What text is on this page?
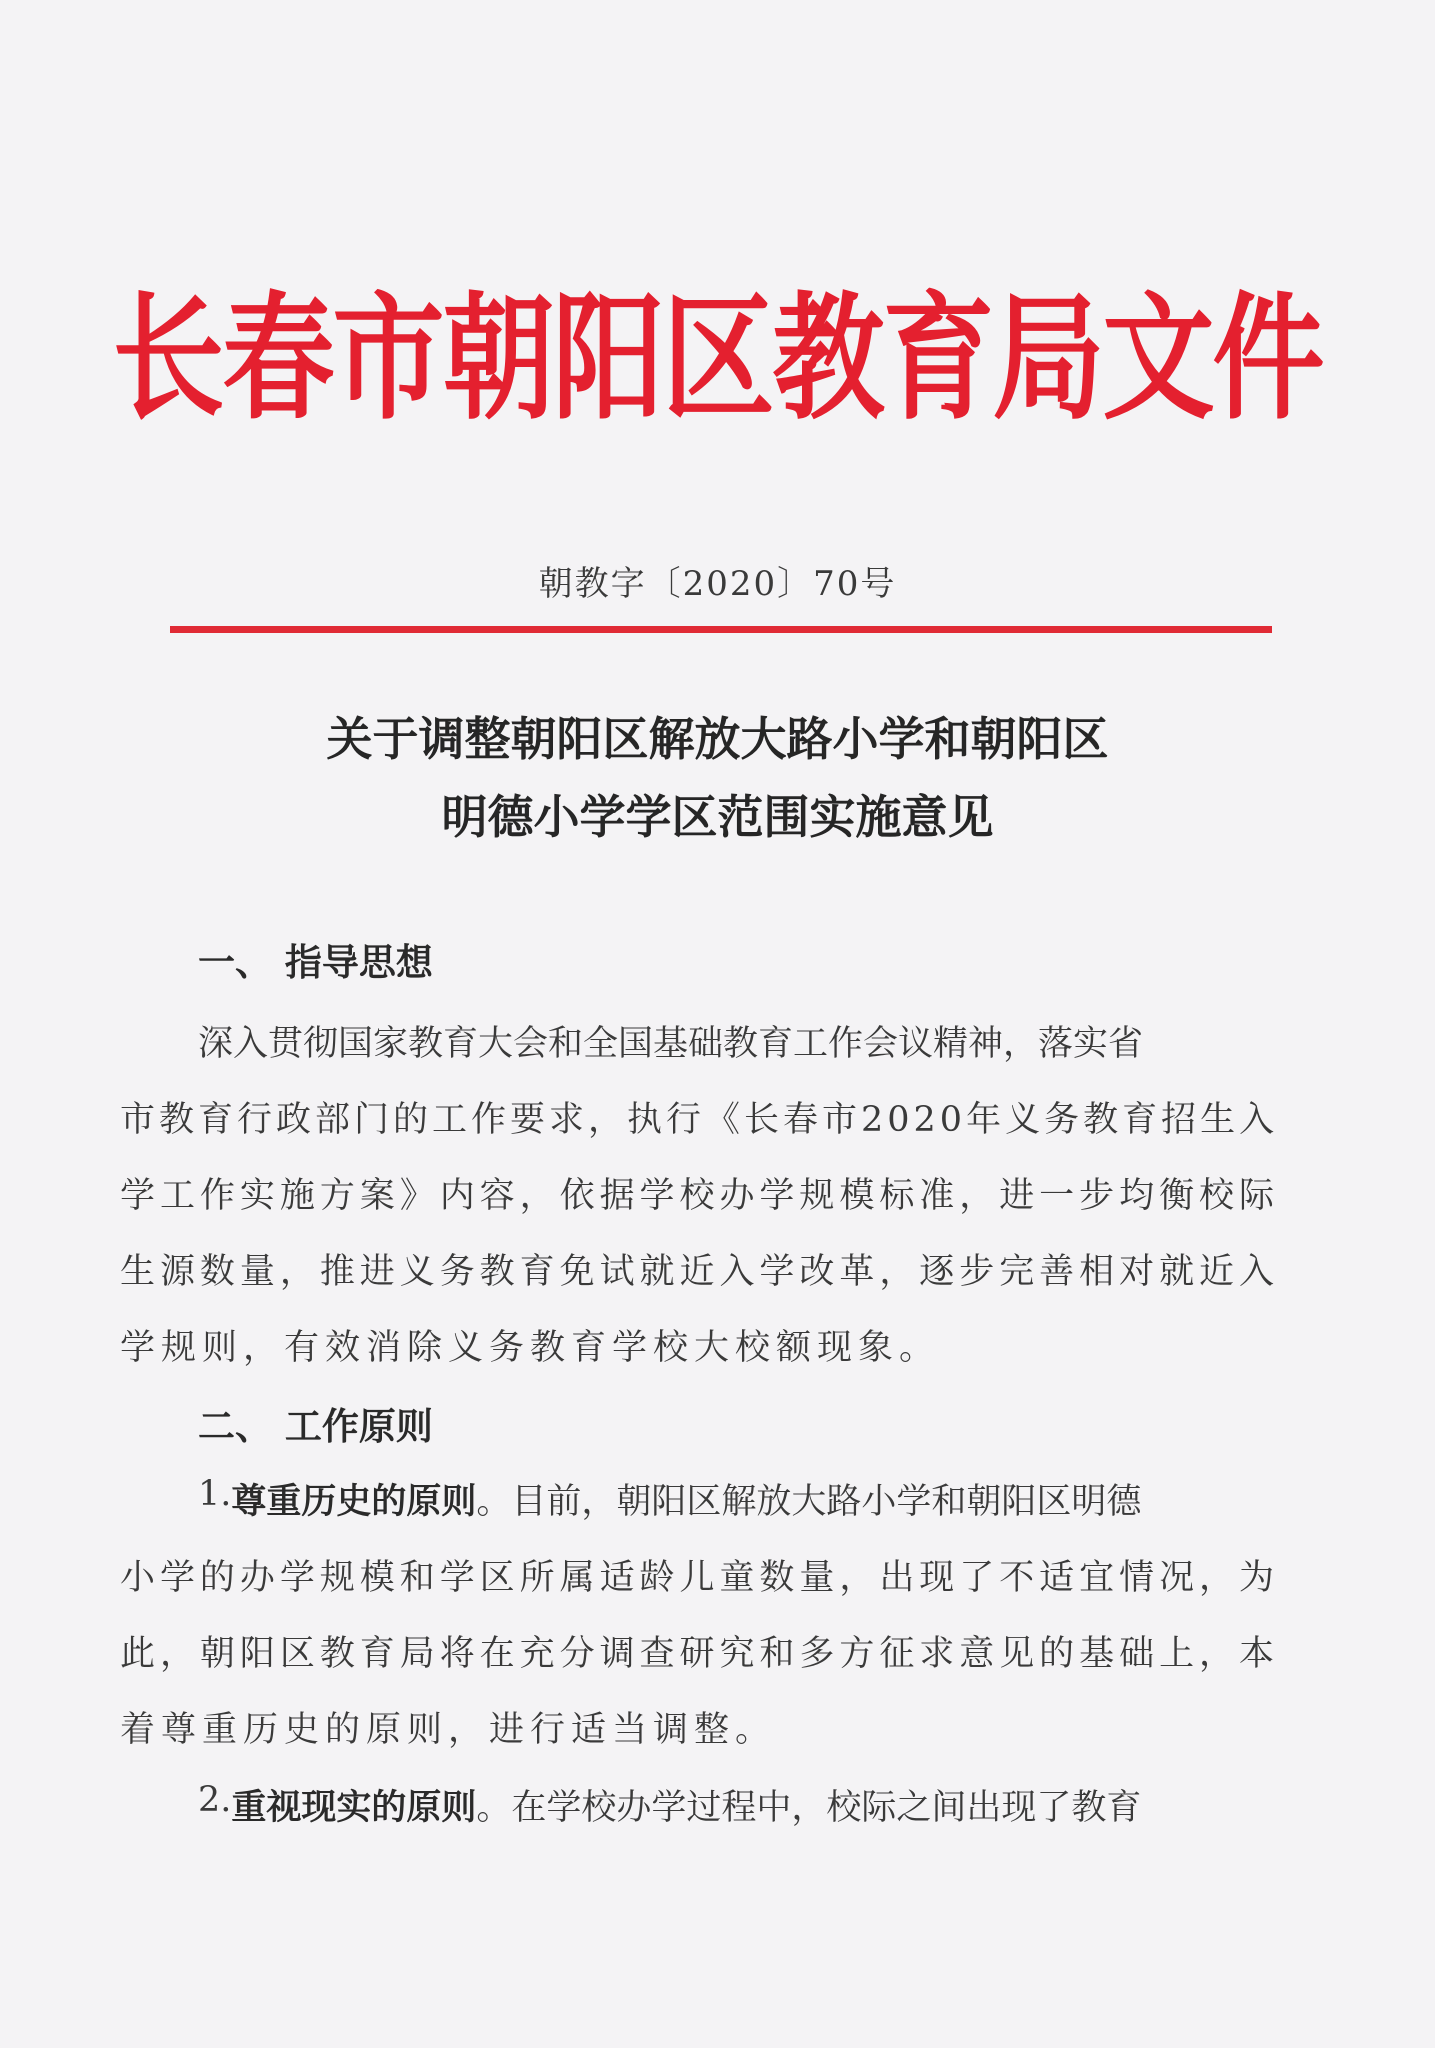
长春市朝阳区教育局文件
朝教字〔2020〕70号
关于调整朝阳区解放大路小学和朝阳区
明德小学学区范围实施意见
一、 指导思想
深入贯彻国家教育大会和全国基础教育工作会议精神，落实省
市教育行政部门的工作要求，执行《长春市2020年义务教育招生入
学工作实施方案》内容，依据学校办学规模标准，进一步均衡校际
生源数量，推进义务教育免试就近入学改革，逐步完善相对就近入
学规则，有效消除义务教育学校大校额现象。
二、 工作原则
1. 尊重历史的原则 。目前，朝阳区解放大路小学和朝阳区明德
小学的办学规模和学区所属适龄儿童数量，出现了不适宜情况，为
此，朝阳区教育局将在充分调查研究和多方征求意见的基础上，本
着尊重历史的原则，进行适当调整。
2. 重视现实的原则 。在学校办学过程中，校际之间出现了教育
